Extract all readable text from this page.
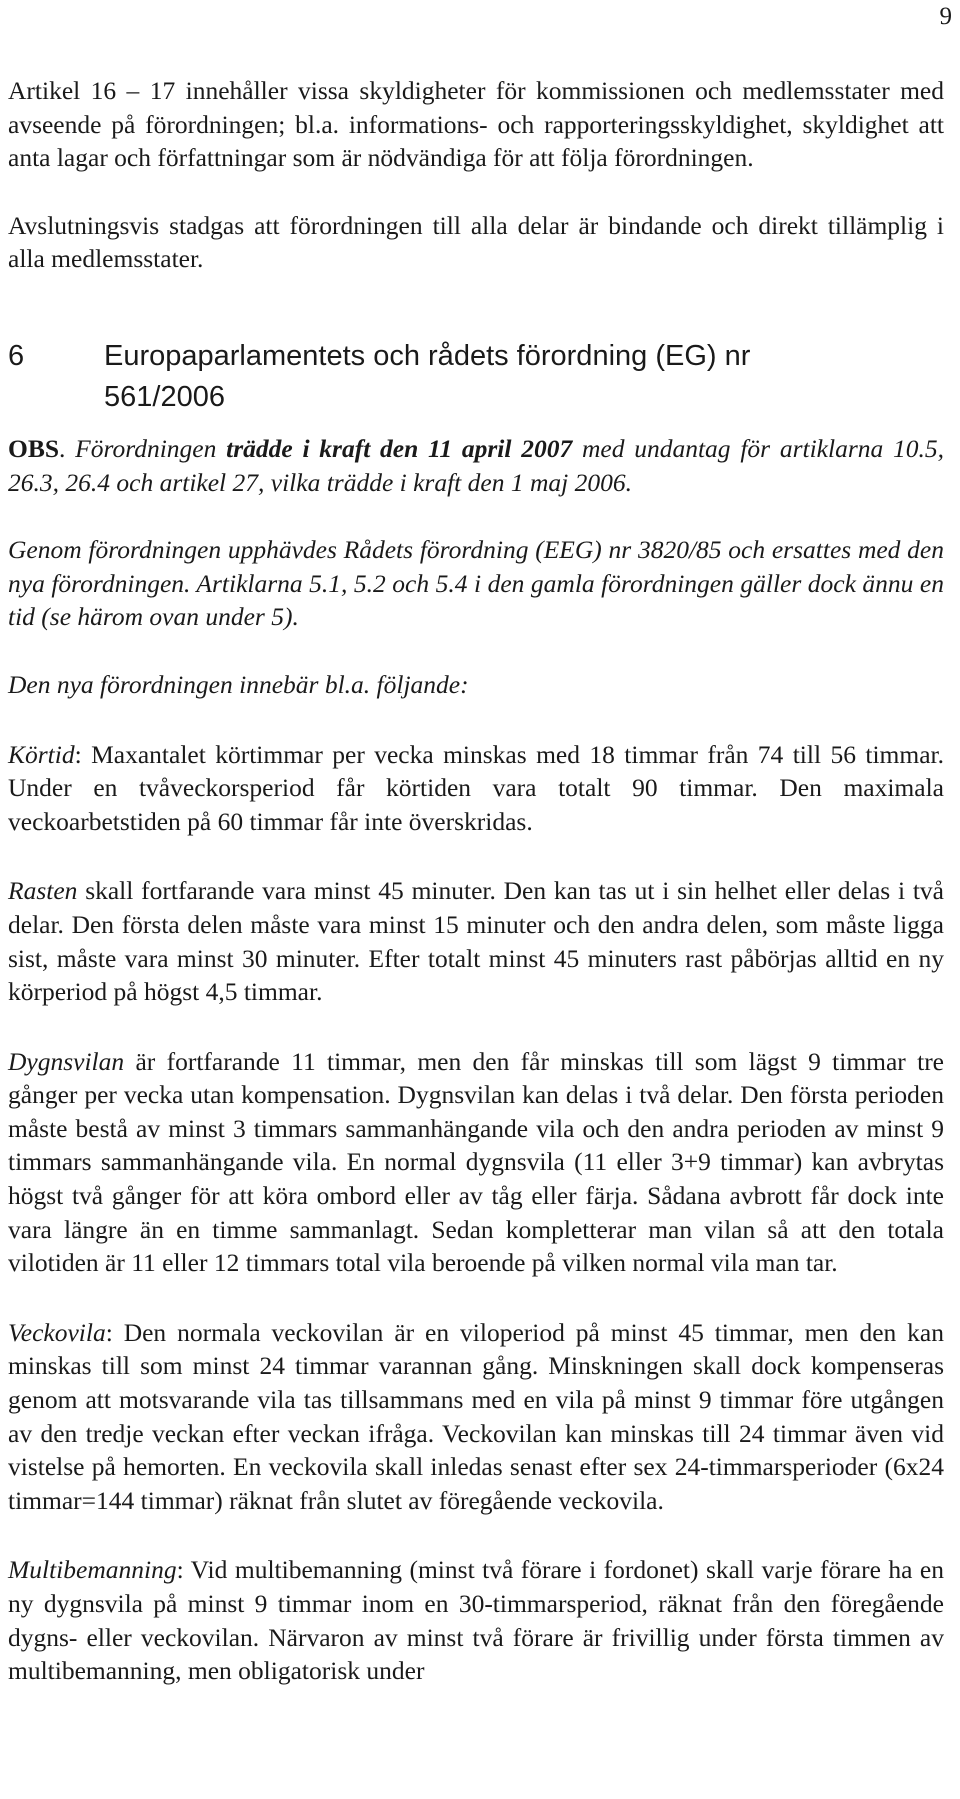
9

Artikel 16 – 17 innehåller vissa skyldigheter för kommissionen och medlemsstater med avseende på förordningen; bl.a. informations- och rapporteringsskyldighet, skyldighet att anta lagar och författningar som är nödvändiga för att följa förordningen.

Avslutningsvis stadgas att förordningen till alla delar är bindande och direkt tillämplig i alla medlemsstater.

6	Europaparlamentets och rådets förordning (EG) nr 561/2006

OBS. Förordningen trädde i kraft den 11 april 2007 med undantag för artiklarna 10.5, 26.3, 26.4 och artikel 27, vilka trädde i kraft den 1 maj 2006.

Genom förordningen upphävdes Rådets förordning (EEG) nr 3820/85 och ersattes med den nya förordningen. Artiklarna 5.1, 5.2 och 5.4 i den gamla förordningen gäller dock ännu en tid (se härom ovan under 5).

Den nya förordningen innebär bl.a. följande:

Körtid: Maxantalet körtimmar per vecka minskas med 18 timmar från 74 till 56 timmar. Under en tvåveckorsperiod får körtiden vara totalt 90 timmar. Den maximala veckoarbetstiden på 60 timmar får inte överskridas.

Rasten skall fortfarande vara minst 45 minuter. Den kan tas ut i sin helhet eller delas i två delar. Den första delen måste vara minst 15 minuter och den andra delen, som måste ligga sist, måste vara minst 30 minuter. Efter totalt minst 45 minuters rast påbörjas alltid en ny körperiod på högst 4,5 timmar.

Dygnsvilan är fortfarande 11 timmar, men den får minskas till som lägst 9 timmar tre gånger per vecka utan kompensation. Dygnsvilan kan delas i två delar. Den första perioden måste bestå av minst 3 timmars sammanhängande vila och den andra perioden av minst 9 timmars sammanhängande vila. En normal dygnsvila (11 eller 3+9 timmar) kan avbrytas högst två gånger för att köra ombord eller av tåg eller färja. Sådana avbrott får dock inte vara längre än en timme sammanlagt. Sedan kompletterar man vilan så att den totala vilotiden är 11 eller 12 timmars total vila beroende på vilken normal vila man tar.

Veckovila: Den normala veckovilan är en viloperiod på minst 45 timmar, men den kan minskas till som minst 24 timmar varannan gång. Minskningen skall dock kompenseras genom att motsvarande vila tas tillsammans med en vila på minst 9 timmar före utgången av den tredje veckan efter veckan ifråga. Veckovilan kan minskas till 24 timmar även vid vistelse på hemorten. En veckovila skall inledas senast efter sex 24-timmarsperioder (6x24 timmar=144 timmar) räknat från slutet av föregående veckovila.

Multibemanning: Vid multibemanning (minst två förare i fordonet) skall varje förare ha en ny dygnsvila på minst 9 timmar inom en 30-timmarsperiod, räknat från den föregående dygns- eller veckovilan. Närvaron av minst två förare är frivillig under första timmen av multibemanning, men obligatorisk under
